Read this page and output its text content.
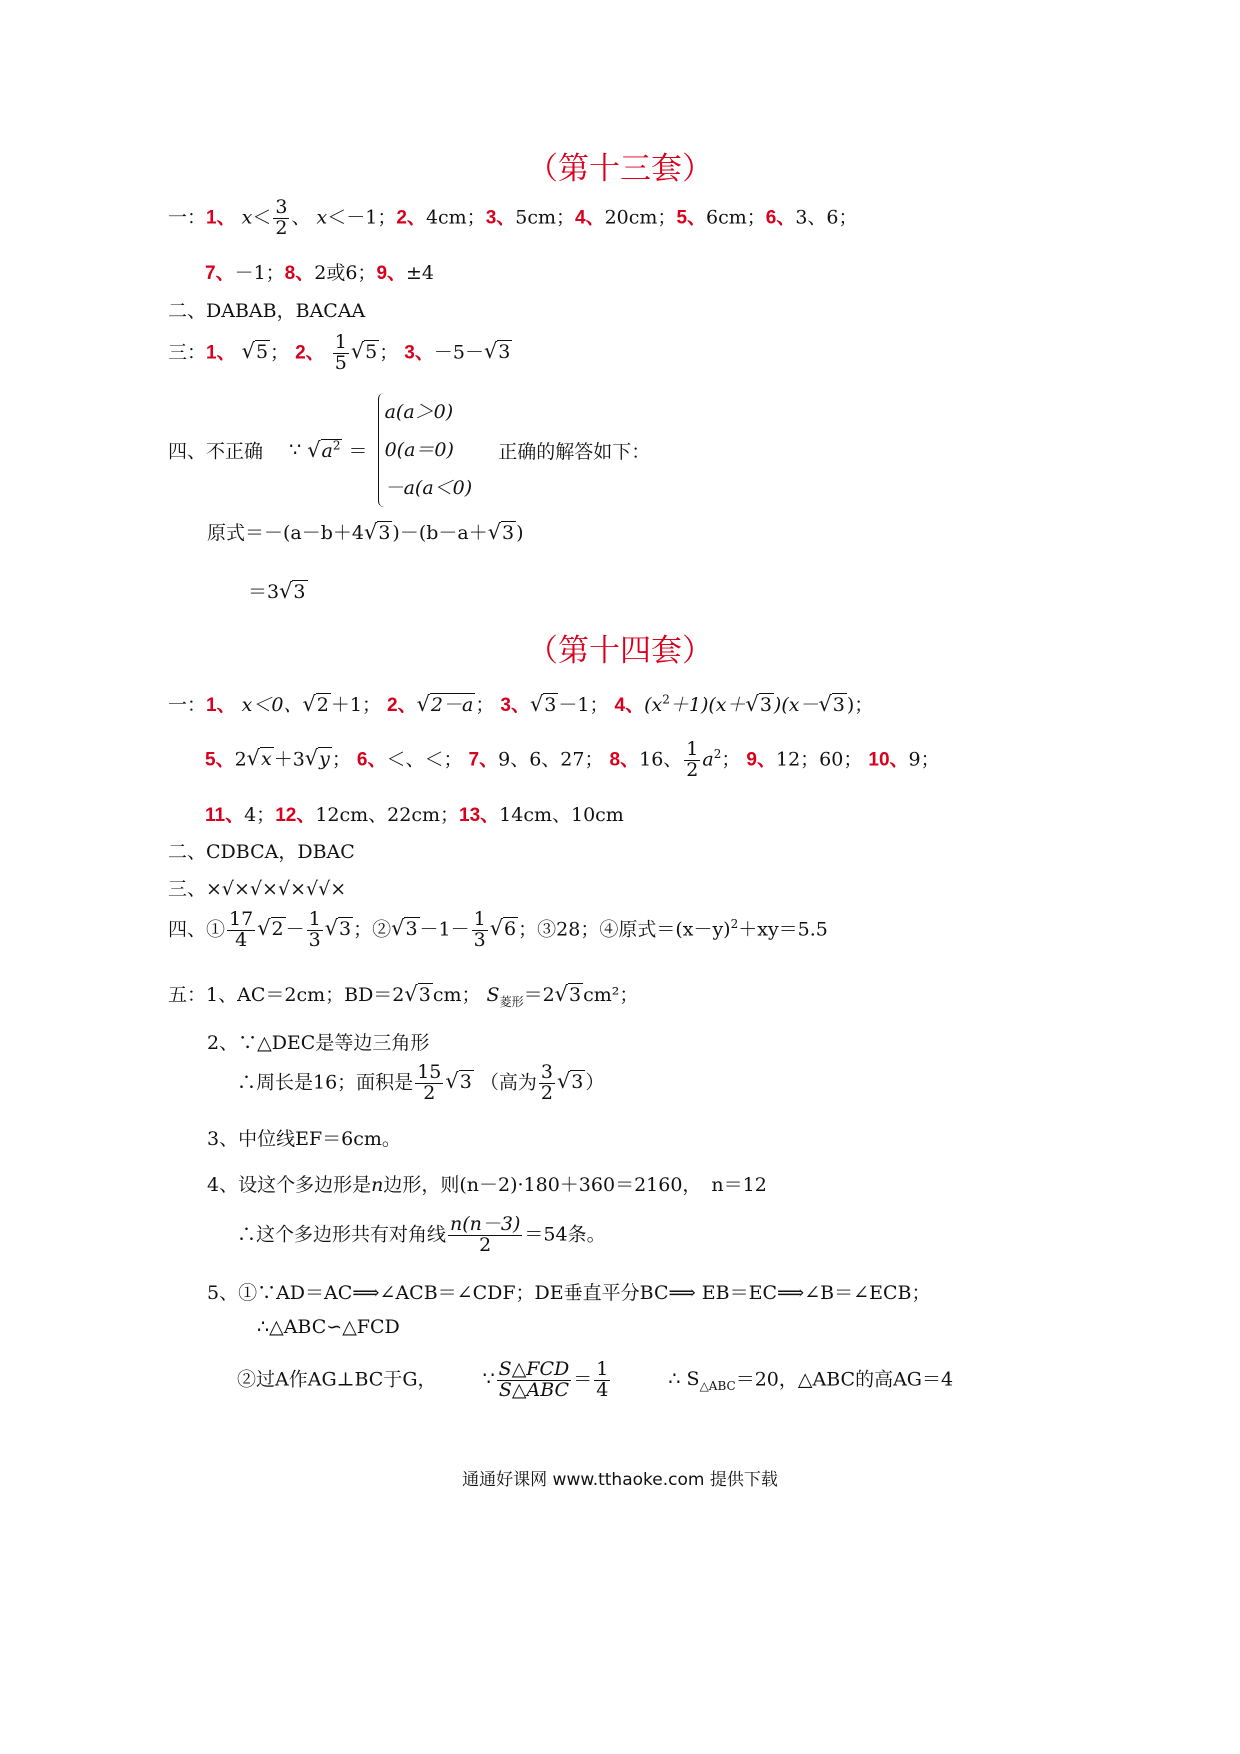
（第十三套）
一：1、 $x< \frac{3}{2}$ 、 x＜－1；2、4cm；3、5cm；4、20cm；5、6cm；6、3、6；
7、－1；8、2或6；9、±4
二、DABAB，BACAA
三：1、 √5 ； 2、 $\frac{1}{5} √5$ ； 3、－5－√3
四、不正确 ∵ $√a^2$ ＝
a(a＞0)
0(a＝0)
－a(a＜0)
正确的解答如下：
原式＝－(a－b＋4√3 )－(b－a＋√3 )
＝3√3
（第十四套）
一：1、 x＜0、√2 ＋1； 2、√2－a ； 3、√3 －1； 4、$(x^2+1)(x+√3$ )(x－√3 )；
5、2√x ＋3√y ； 6、＜、＜； 7、9、6、27； 8、16、 $\frac{1}{2} a^2$； 9、12；60； 10、9；
11、4；12、12cm、22cm；13、14cm、10cm
二、CDBCA，DBAC
三、×√×√×√×√√×
四、① $\frac{17}{4} √2 - \frac{1}{3} √3$ ；②√3 $-1- \frac{1}{3} √6$ ；③28；④原式$=(x-y)^2+xy=5.5$
五：1、AC＝2cm；BD＝2√3 cm； $S_{菱形}=2√3$ cm²；
2、∵△DEC是等边三角形
∴周长是16；面积是 $\frac{15}{2} √3$ （高为 $\frac{3}{2} √3$ ）
3、中位线EF＝6cm。
4、设这个多边形是n边形，则(n－2)·180＋360＝2160， n＝12
∴这个多边形共有对角线 $\frac{n(n-3)}{2} =54$条。
5、①∵AD＝AC⟹∠ACB＝∠CDF；DE垂直平分BC⟹ EB＝EC⟹∠B＝∠ECB；
∴△ABC∽△FCD
②过A作AG⊥BC于G， ∵ $\frac{\text{S△FCD}}{\text{S△ABC}} = \frac{1}{4}$	∴ $S_{\triangle ABC}=20$，△ABC的高AG＝4
通通好课网 www.tthaoke.com 提供下载
